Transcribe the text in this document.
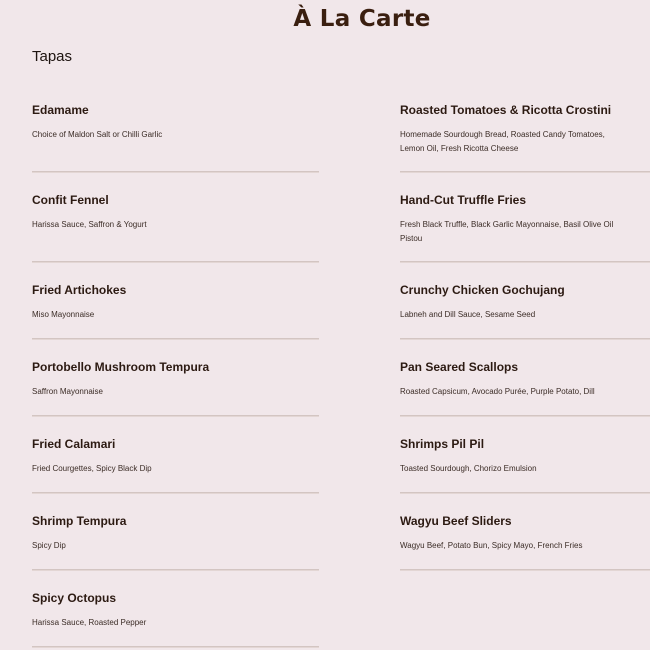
À La Carte
Tapas

Edamame

Choice of Maldon Salt or Chilli Garlic

Confit Fennel

Harissa Sauce, Saffron & Yogurt

Fried Artichokes

Miso Mayonnaise

Portobello Mushroom Tempura

Saffron Mayonnaise

Fried Calamari

Fried Courgettes, Spicy Black Dip

Shrimp Tempura

Spicy Dip

Spicy Octopus

Harissa Sauce, Roasted Pepper

Roasted Tomatoes & Ricotta Crostini

Homemade Sourdough Bread, Roasted Candy Tomatoes, Lemon Oil, Fresh Ricotta Cheese

Hand-Cut Truffle Fries

Fresh Black Truffle, Black Garlic Mayonnaise, Basil Olive Oil Pistou

Crunchy Chicken Gochujang

Labneh and Dill Sauce, Sesame Seed

Pan Seared Scallops

Roasted Capsicum, Avocado Purée, Purple Potato, Dill

Shrimps Pil Pil

Toasted Sourdough, Chorizo Emulsion

Wagyu Beef Sliders

Wagyu Beef, Potato Bun, Spicy Mayo, French Fries
